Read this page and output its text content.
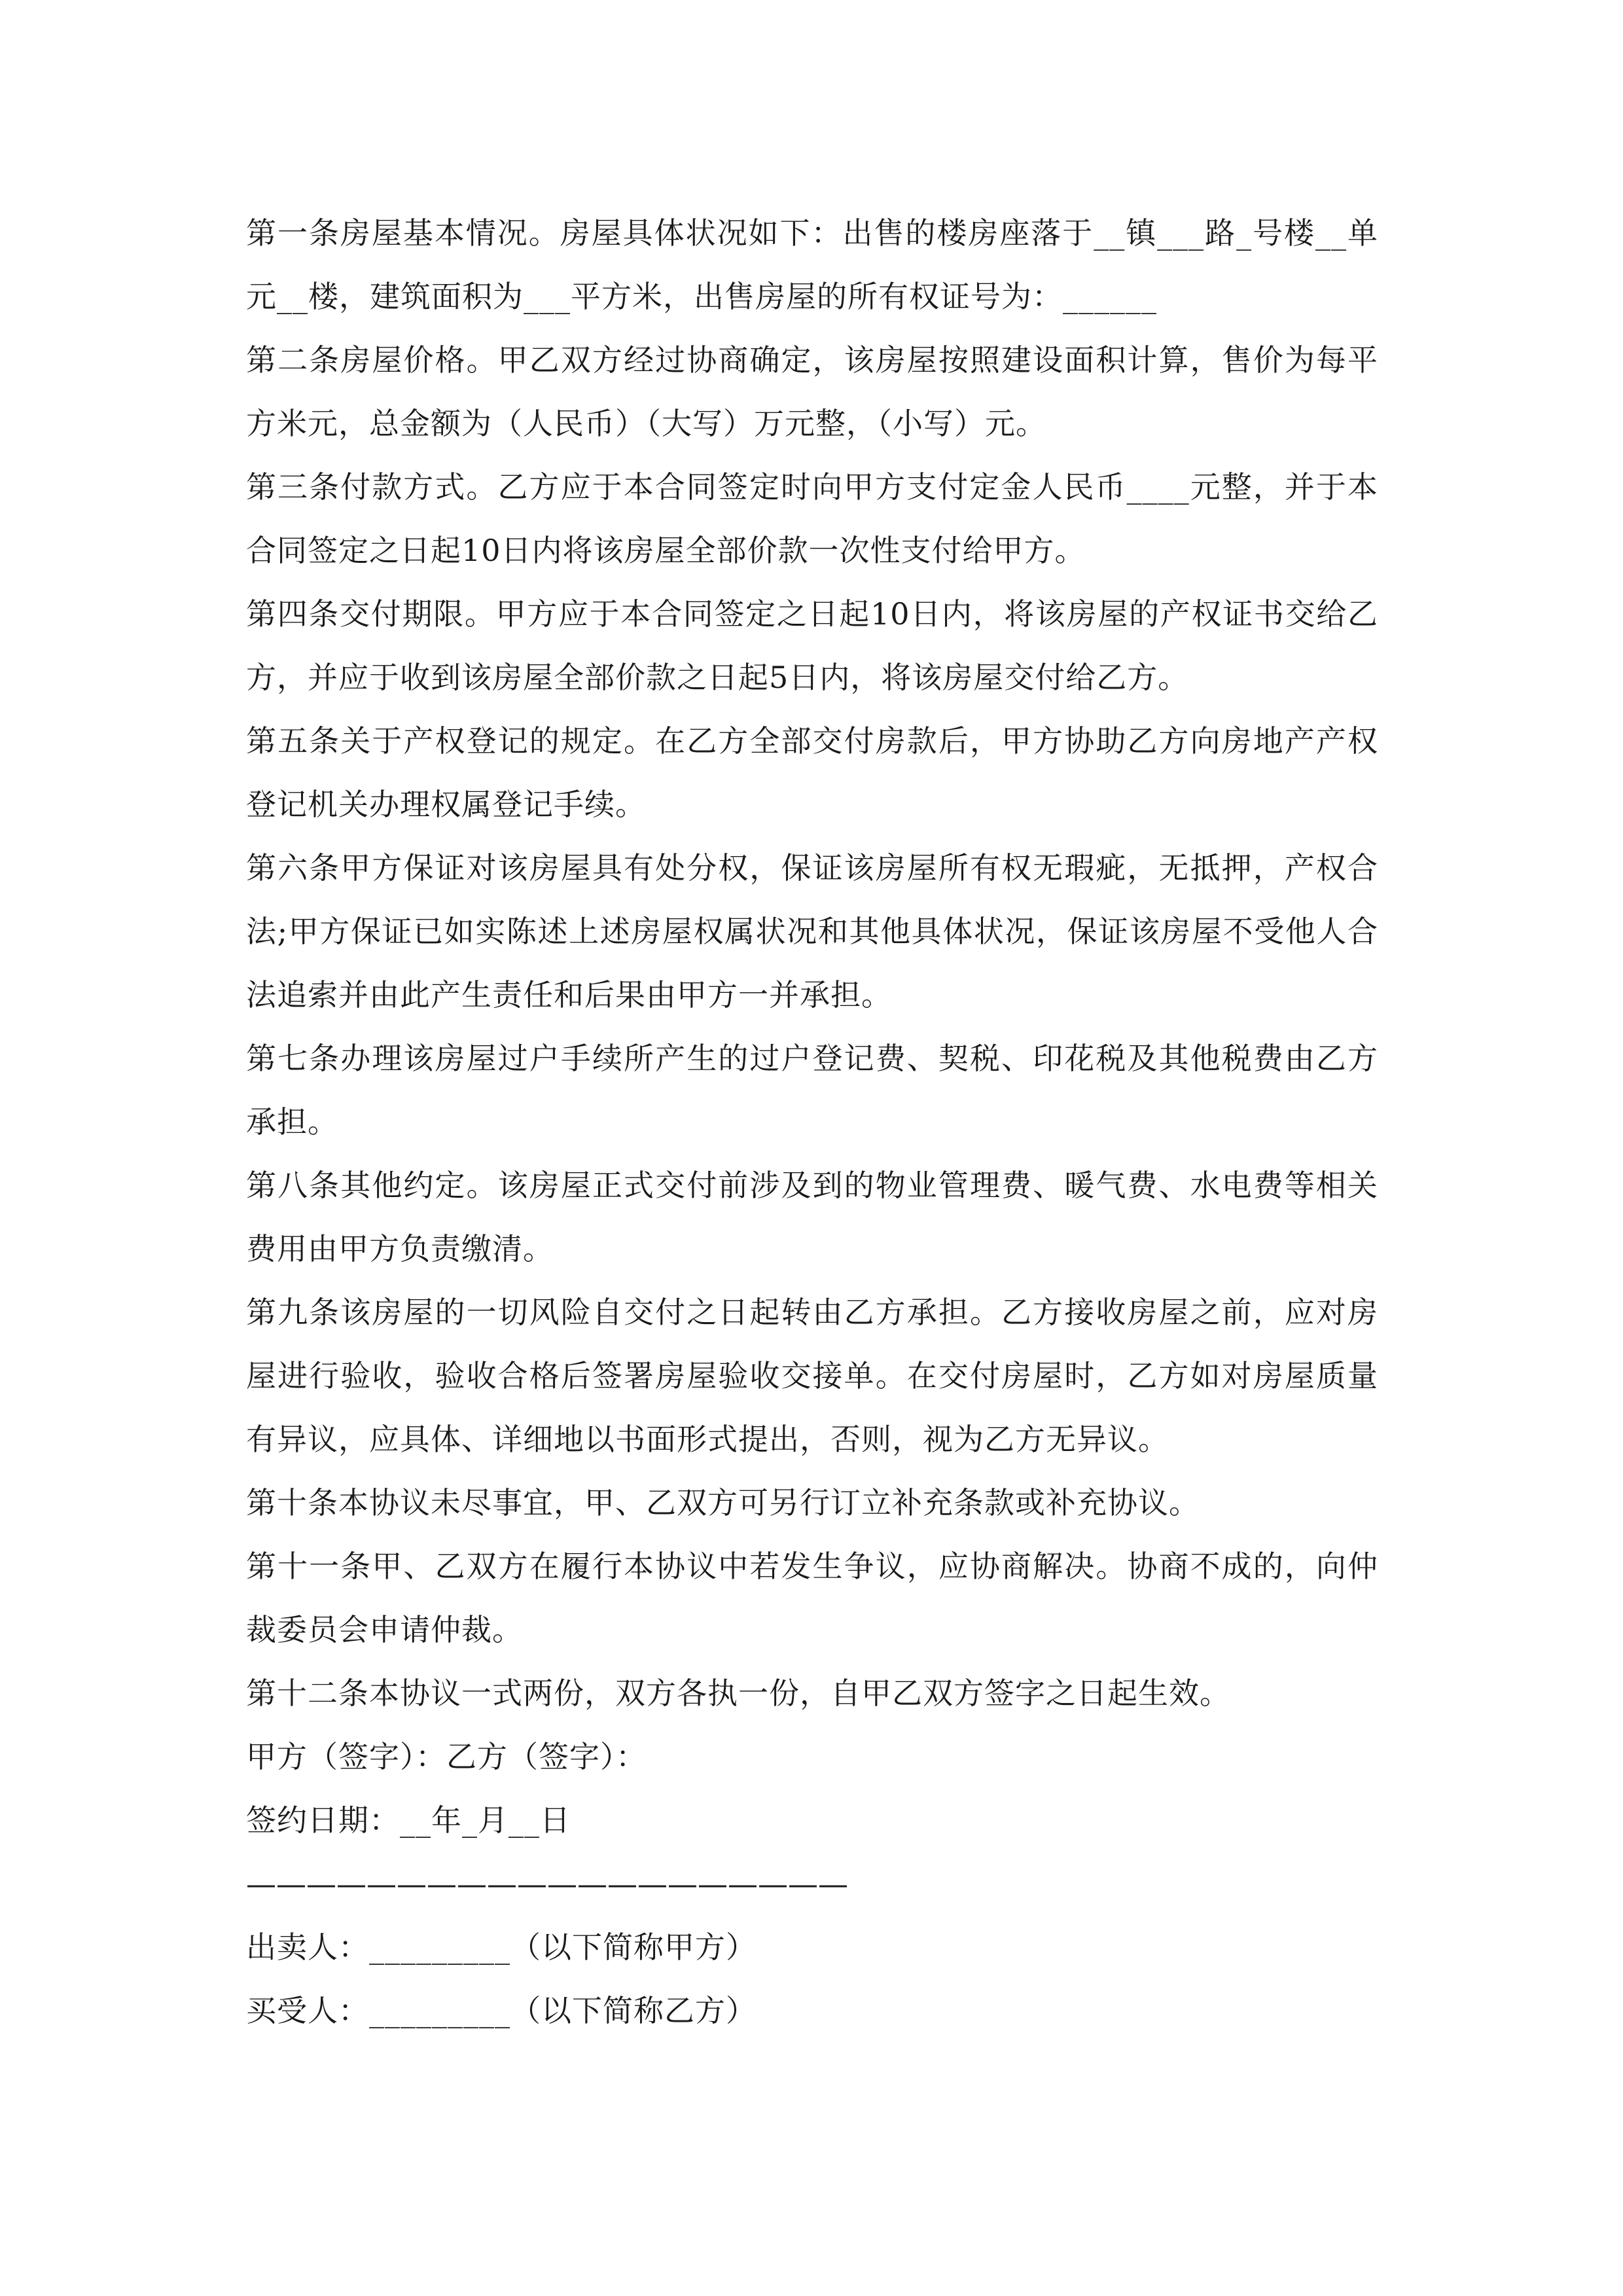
第一条房屋基本情况。房屋具体状况如下：出售的楼房座落于__镇___路_号楼__单元__楼，建筑面积为___平方米，出售房屋的所有权证号为：______

第二条房屋价格。甲乙双方经过协商确定，该房屋按照建设面积计算，售价为每平方米元，总金额为（人民币）（大写）万元整，（小写）元。

第三条付款方式。乙方应于本合同签定时向甲方支付定金人民币____元整，并于本合同签定之日起10日内将该房屋全部价款一次性支付给甲方。

第四条交付期限。甲方应于本合同签定之日起10日内，将该房屋的产权证书交给乙方，并应于收到该房屋全部价款之日起5日内，将该房屋交付给乙方。

第五条关于产权登记的规定。在乙方全部交付房款后，甲方协助乙方向房地产产权登记机关办理权属登记手续。

第六条甲方保证对该房屋具有处分权，保证该房屋所有权无瑕疵，无抵押，产权合法;甲方保证已如实陈述上述房屋权属状况和其他具体状况，保证该房屋不受他人合法追索并由此产生责任和后果由甲方一并承担。

第七条办理该房屋过户手续所产生的过户登记费、契税、印花税及其他税费由乙方承担。

第八条其他约定。该房屋正式交付前涉及到的物业管理费、暖气费、水电费等相关费用由甲方负责缴清。

第九条该房屋的一切风险自交付之日起转由乙方承担。乙方接收房屋之前，应对房屋进行验收，验收合格后签署房屋验收交接单。在交付房屋时，乙方如对房屋质量有异议，应具体、详细地以书面形式提出，否则，视为乙方无异议。

第十条本协议未尽事宜，甲、乙双方可另行订立补充条款或补充协议。

第十一条甲、乙双方在履行本协议中若发生争议，应协商解决。协商不成的，向仲裁委员会申请仲裁。

第十二条本协议一式两份，双方各执一份，自甲乙双方签字之日起生效。

甲方（签字）：乙方（签字）：

签约日期：__年_月__日

————————————————————

出卖人：_________（以下简称甲方）

买受人：_________（以下简称乙方）
